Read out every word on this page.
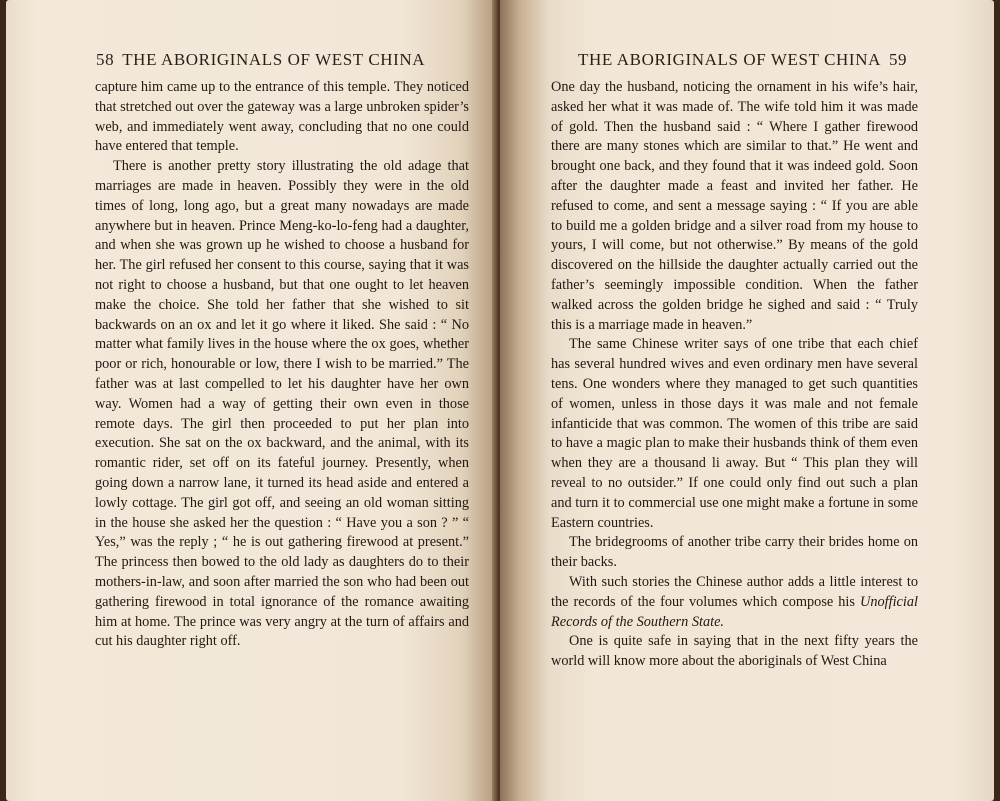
58 THE ABORIGINALS OF WEST CHINA

capture him came up to the entrance of this temple. They noticed that stretched out over the gateway was a large unbroken spider’s web, and immediately went away, concluding that no one could have entered that temple.

There is another pretty story illustrating the old adage that marriages are made in heaven. Possibly they were in the old times of long, long ago, but a great many nowadays are made anywhere but in heaven. Prince Meng-ko-lo-feng had a daughter, and when she was grown up he wished to choose a husband for her. The girl refused her consent to this course, saying that it was not right to choose a husband, but that one ought to let heaven make the choice. She told her father that she wished to sit backwards on an ox and let it go where it liked. She said : “ No matter what family lives in the house where the ox goes, whether poor or rich, honourable or low, there I wish to be married.” The father was at last compelled to let his daughter have her own way. Women had a way of getting their own even in those remote days. The girl then proceeded to put her plan into execution. She sat on the ox backward, and the animal, with its romantic rider, set off on its fateful journey. Presently, when going down a narrow lane, it turned its head aside and entered a lowly cottage. The girl got off, and seeing an old woman sitting in the house she asked her the question : “ Have you a son ? ” “ Yes,” was the reply ; “ he is out gathering firewood at present.” The princess then bowed to the old lady as daughters do to their mothers-in-law, and soon after married the son who had been out gathering firewood in total ignorance of the romance awaiting him at home. The prince was very angry at the turn of affairs and cut his daughter right off.

THE ABORIGINALS OF WEST CHINA 59

One day the husband, noticing the ornament in his wife’s hair, asked her what it was made of. The wife told him it was made of gold. Then the husband said : “ Where I gather firewood there are many stones which are similar to that.” He went and brought one back, and they found that it was indeed gold. Soon after the daughter made a feast and invited her father. He refused to come, and sent a message saying : “ If you are able to build me a golden bridge and a silver road from my house to yours, I will come, but not otherwise.” By means of the gold discovered on the hillside the daughter actually carried out the father’s seemingly impossible condition. When the father walked across the golden bridge he sighed and said : “ Truly this is a marriage made in heaven.”

The same Chinese writer says of one tribe that each chief has several hundred wives and even ordinary men have several tens. One wonders where they managed to get such quantities of women, unless in those days it was male and not female infanticide that was common. The women of this tribe are said to have a magic plan to make their husbands think of them even when they are a thousand li away. But “ This plan they will reveal to no outsider.” If one could only find out such a plan and turn it to commercial use one might make a fortune in some Eastern countries.

The bridegrooms of another tribe carry their brides home on their backs.

With such stories the Chinese author adds a little interest to the records of the four volumes which compose his Unofficial Records of the Southern State.

One is quite safe in saying that in the next fifty years the world will know more about the aboriginals of West China
